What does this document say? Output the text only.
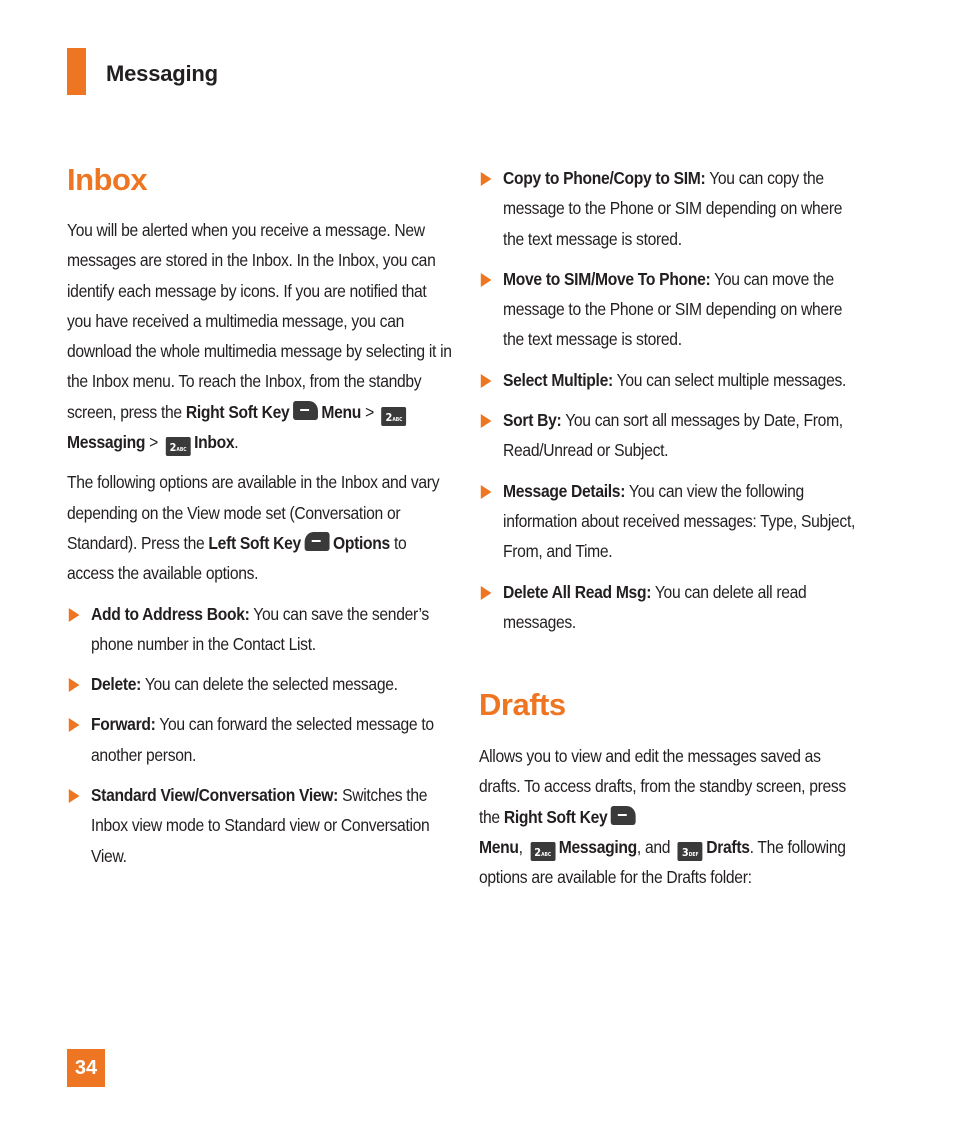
Messaging
Inbox

You will be alerted when you receive a message. New messages are stored in the Inbox. In the Inbox, you can identify each message by icons. If you are notified that you have received a multimedia message, you can download the whole multimedia message by selecting it in the Inbox menu. To reach the Inbox, from the standby screen, press the Right Soft Key Menu > 2ABC
Messaging > 2ABC Inbox.

The following options are available in the Inbox and vary depending on the View mode set (Conversation or Standard). Press the Left Soft Key Options to access the available options.

Add to Address Book: You can save the sender’s phone number in the Contact List.
Delete: You can delete the selected message.
Forward: You can forward the selected message to another person.
Standard View/Conversation View: Switches the Inbox view mode to Standard view or Conversation View.
Copy to Phone/Copy to SIM: You can copy the message to the Phone or SIM depending on where the text message is stored.
Move to SIM/Move To Phone: You can move the message to the Phone or SIM depending on where the text message is stored.
Select Multiple: You can select multiple messages.
Sort By: You can sort all messages by Date, From, Read/Unread or Subject.
Message Details: You can view the following information about received messages: Type, Subject, From, and Time.
Delete All Read Msg: You can delete all read messages.
Drafts

Allows you to view and edit the messages saved as drafts. To access drafts, from the standby screen, press the Right Soft Key
Menu, 2ABC Messaging, and 3DEF Drafts. The following options are available for the Drafts folder:

34
